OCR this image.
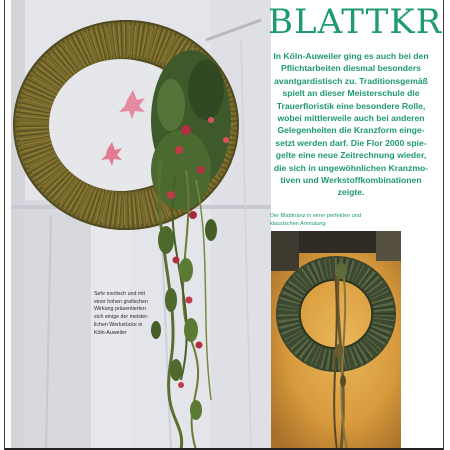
BLATTKR
In Köln-Auweiler ging es auch bei den
Pflichtarbeiten diesmal besonders
avantgardistisch zu. Traditionsgemäß
spielt an dieser Meisterschule die
Trauerfloristik eine besondere Rolle,
wobei mittlerweile auch bei anderen
Gelegenheiten die Kranzform einge-
setzt werden darf. Die Flor 2000 spie-
gelte eine neue Zeitrechnung wieder,
die sich in ungewöhnlichen Kranzmo-
tiven und Werkstoffkombinationen
zeigte.
Der Blattkranz in einer perfekten und
klassischen Anmutung
Sehr exotisch und mit
einer hohen grafischen
Wirkung präsentierten
sich einige der meister-
lichen Werkstücke in
Köln-Auweiler
